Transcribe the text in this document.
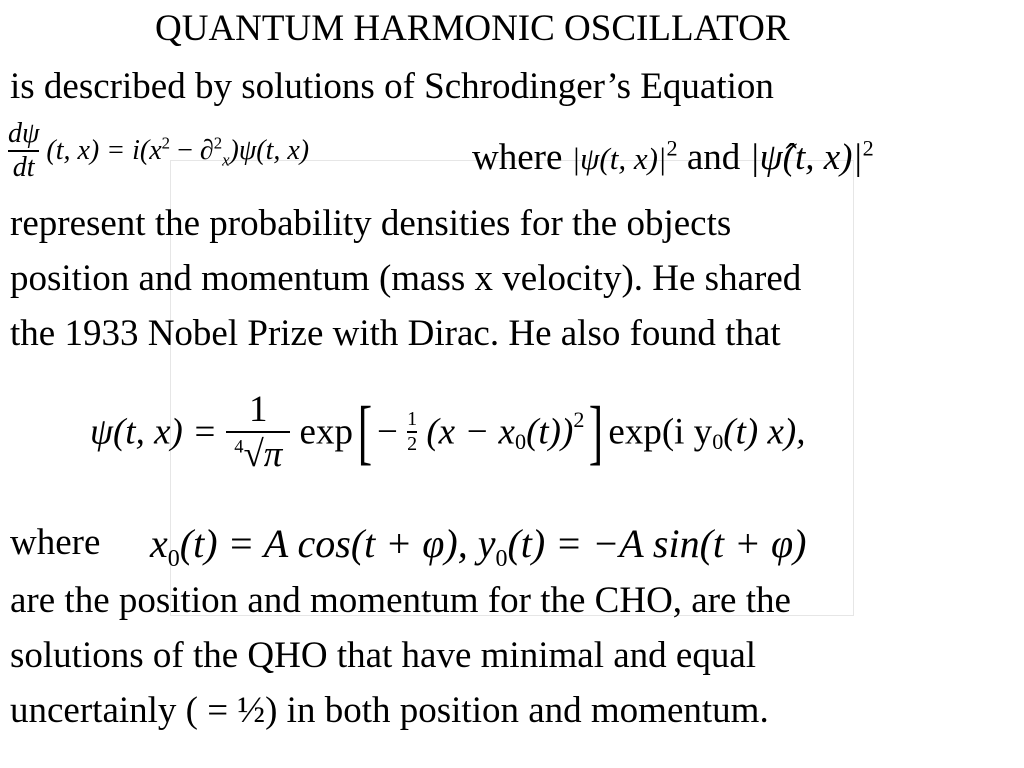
QUANTUM HARMONIC OSCILLATOR
is described by solutions of Schrodinger’s Equation
$\frac{d\psi}{dt} (t$, $x) = i(x^2 - \partial^2_x)\psi(t$, x)	where |ψ(t, $x)|^2$ and |ψ̂(t, $x)|^2$
represent the probability densities for the objects
position and momentum (mass x velocity). He shared
the 1933 Nobel Prize with Dirac. He also found that
ψ(t, $x) = \frac{1}{^4√\pi} \exp[ - \frac{1}{2} (x - x_0(t))^2]$ exp(i $y_0(t)$ x),
where $x_0(t) = A$ cos(t + φ), $y_0(t) = -A$ sin(t + φ)
are the position and momentum for the CHO, are the
solutions of the QHO that have minimal and equal
uncertainly ( = ½) in both position and momentum.
